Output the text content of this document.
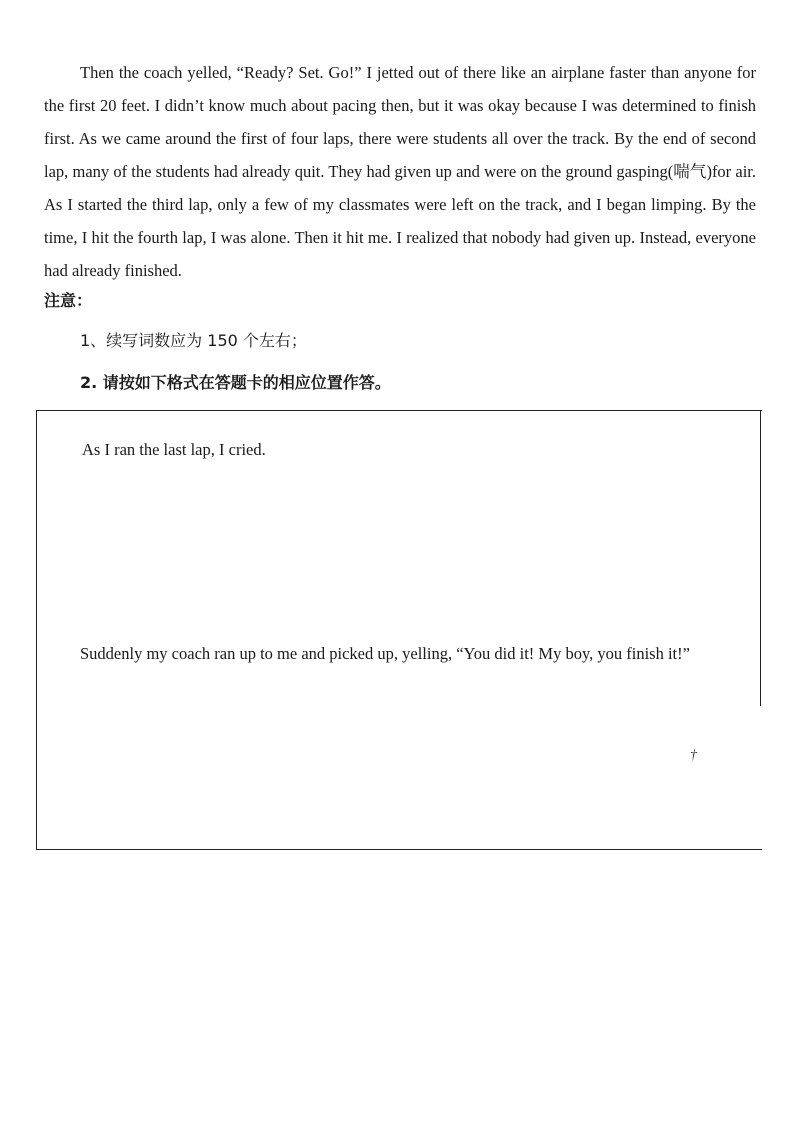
Then the coach yelled, “Ready? Set. Go!” I jetted out of there like an airplane faster than anyone for the first 20 feet. I didn’t know much about pacing then, but it was okay because I was determined to finish first. As we came around the first of four laps, there were students all over the track. By the end of second lap, many of the students had already quit. They had given up and were on the ground gasping(喘气)for air. As I started the third lap, only a few of my classmates were left on the track, and I began limping. By the time, I hit the fourth lap, I was alone. Then it hit me. I realized that nobody had given up. Instead, everyone had already finished.

注意：

1、续写词数应为 150 个左右；

2. 请按如下格式在答题卡的相应位置作答。

As I ran the last lap, I cried.

Suddenly my coach ran up to me and picked up, yelling, “You did it! My boy, you finish it!”

†
